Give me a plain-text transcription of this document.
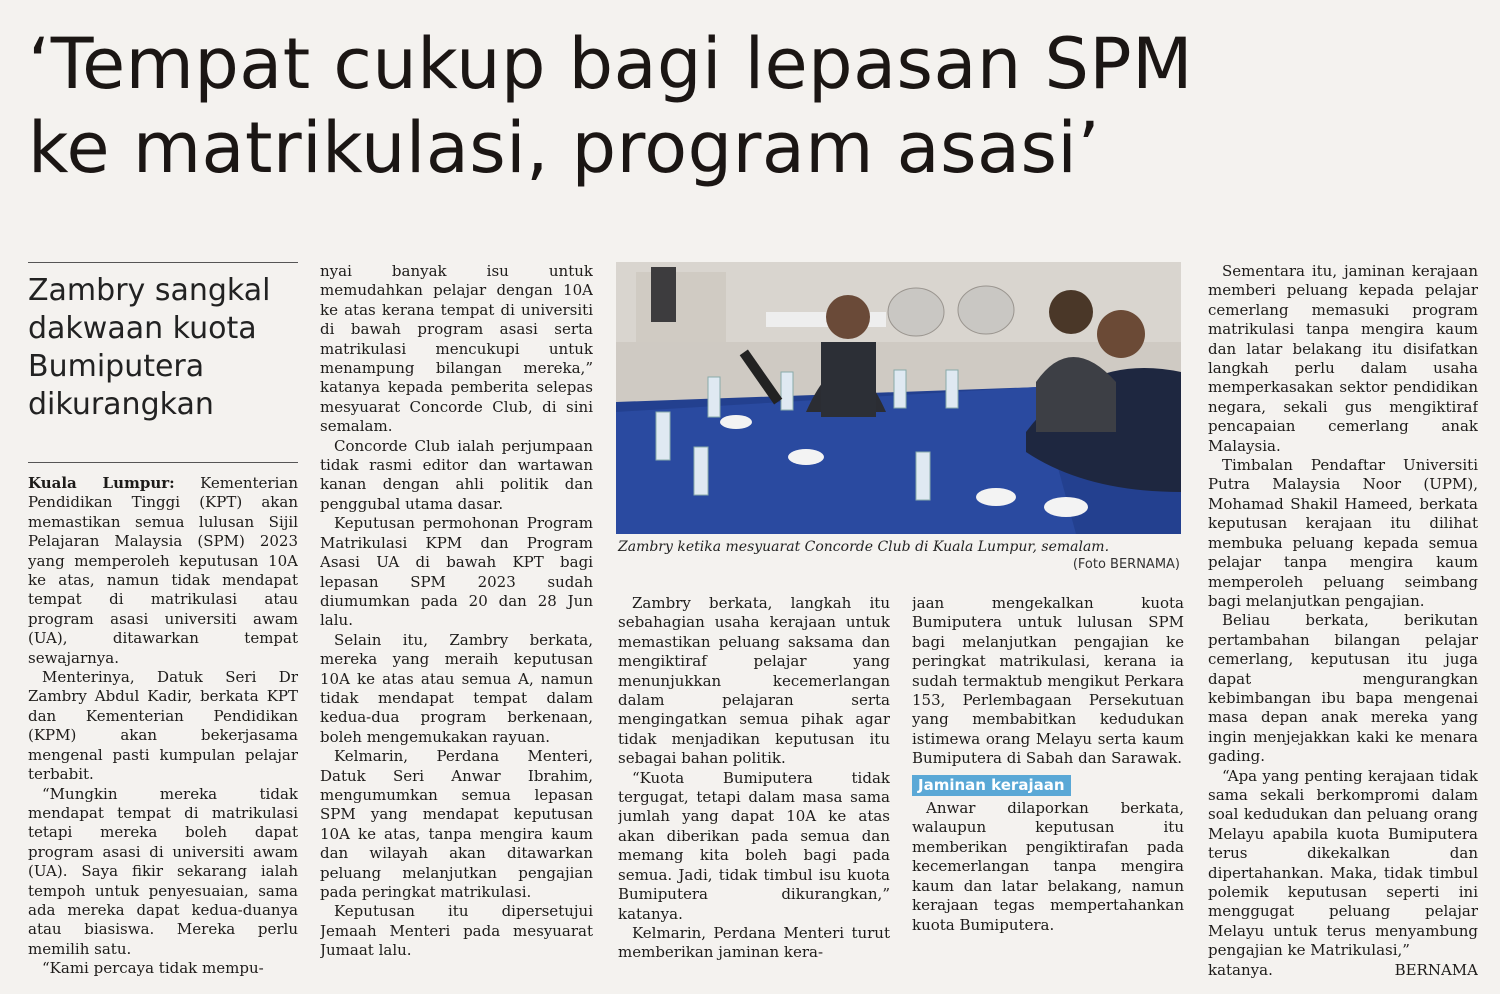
‘Tempat cukup bagi lepasan SPM
ke matrikulasi, program asasi’
Zambry sangkal dakwaan kuota Bumiputera dikurangkan

Kuala Lumpur: Kementerian Pendidikan Tinggi (KPT) akan memastikan semua lulusan Sijil Pelajaran Malaysia (SPM) 2023 yang memperoleh keputusan 10A ke atas, namun tidak mendapat tempat di matrikulasi atau program asasi universiti awam (UA), ditawarkan tempat sewajarnya.

Menterinya, Datuk Seri Dr Zambry Abdul Kadir, berkata KPT dan Kementerian Pendidikan (KPM) akan bekerjasama mengenal pasti kumpulan pelajar terbabit.

“Mungkin mereka tidak mendapat tempat di matrikulasi tetapi mereka boleh dapat program asasi di universiti awam (UA). Saya fikir sekarang ialah tempoh untuk penyesuaian, sama ada mereka dapat kedua-duanya atau biasiswa. Mereka perlu memilih satu.

“Kami percaya tidak mempu-

nyai banyak isu untuk memudahkan pelajar dengan 10A ke atas kerana tempat di universiti di bawah program asasi serta matrikulasi mencukupi untuk menampung bilangan mereka,” katanya kepada pemberita selepas mesyuarat Concorde Club, di sini semalam.

Concorde Club ialah perjumpaan tidak rasmi editor dan wartawan kanan dengan ahli politik dan penggubal utama dasar.

Keputusan permohonan Program Matrikulasi KPM dan Program Asasi UA di bawah KPT bagi lepasan SPM 2023 sudah diumumkan pada 20 dan 28 Jun lalu.

Selain itu, Zambry berkata, mereka yang meraih keputusan 10A ke atas atau semua A, namun tidak mendapat tempat dalam kedua-dua program berkenaan, boleh mengemukakan rayuan.

Kelmarin, Perdana Menteri, Datuk Seri Anwar Ibrahim, mengumumkan semua lepasan SPM yang mendapat keputusan 10A ke atas, tanpa mengira kaum dan wilayah akan ditawarkan peluang melanjutkan pengajian pada peringkat matrikulasi.

Keputusan itu dipersetujui Jemaah Menteri pada mesyuarat Jumaat lalu.

Zambry ketika mesyuarat Concorde Club di Kuala Lumpur, semalam.
(Foto BERNAMA)

Zambry berkata, langkah itu sebahagian usaha kerajaan untuk memastikan peluang saksama dan mengiktiraf pelajar yang menunjukkan kecemerlangan dalam pelajaran serta mengingatkan semua pihak agar tidak menjadikan keputusan itu sebagai bahan politik.

“Kuota Bumiputera tidak tergugat, tetapi dalam masa sama jumlah yang dapat 10A ke atas akan diberikan pada semua dan memang kita boleh bagi pada semua. Jadi, tidak timbul isu kuota Bumiputera dikurangkan,” katanya.

Kelmarin, Perdana Menteri turut memberikan jaminan kera-

jaan mengekalkan kuota Bumiputera untuk lulusan SPM bagi melanjutkan pengajian ke peringkat matrikulasi, kerana ia sudah termaktub mengikut Perkara 153, Perlembagaan Persekutuan yang membabitkan kedudukan istimewa orang Melayu serta kaum Bumiputera di Sabah dan Sarawak.

Jaminan kerajaan

Anwar dilaporkan berkata, walaupun keputusan itu memberikan pengiktirafan pada kecemerlangan tanpa mengira kaum dan latar belakang, namun kerajaan tegas mempertahankan kuota Bumiputera.

Sementara itu, jaminan kerajaan memberi peluang kepada pelajar cemerlang memasuki program matrikulasi tanpa mengira kaum dan latar belakang itu disifatkan langkah perlu dalam usaha memperkasakan sektor pendidikan negara, sekali gus mengiktiraf pencapaian cemerlang anak Malaysia.

Timbalan Pendaftar Universiti Putra Malaysia Noor (UPM), Mohamad Shakil Hameed, berkata keputusan kerajaan itu dilihat membuka peluang kepada semua pelajar tanpa mengira kaum memperoleh peluang seimbang bagi melanjutkan pengajian.

Beliau berkata, berikutan pertambahan bilangan pelajar cemerlang, keputusan itu juga dapat mengurangkan kebimbangan ibu bapa mengenai masa depan anak mereka yang ingin menjejakkan kaki ke menara gading.

“Apa yang penting kerajaan tidak sama sekali berkompromi dalam soal kedudukan dan peluang orang Melayu apabila kuota Bumiputera terus dikekalkan dan dipertahankan. Maka, tidak timbul polemik keputusan seperti ini menggugat peluang pelajar Melayu untuk terus menyambung pengajian ke Matrikulasi,”

katanya.	BERNAMA
